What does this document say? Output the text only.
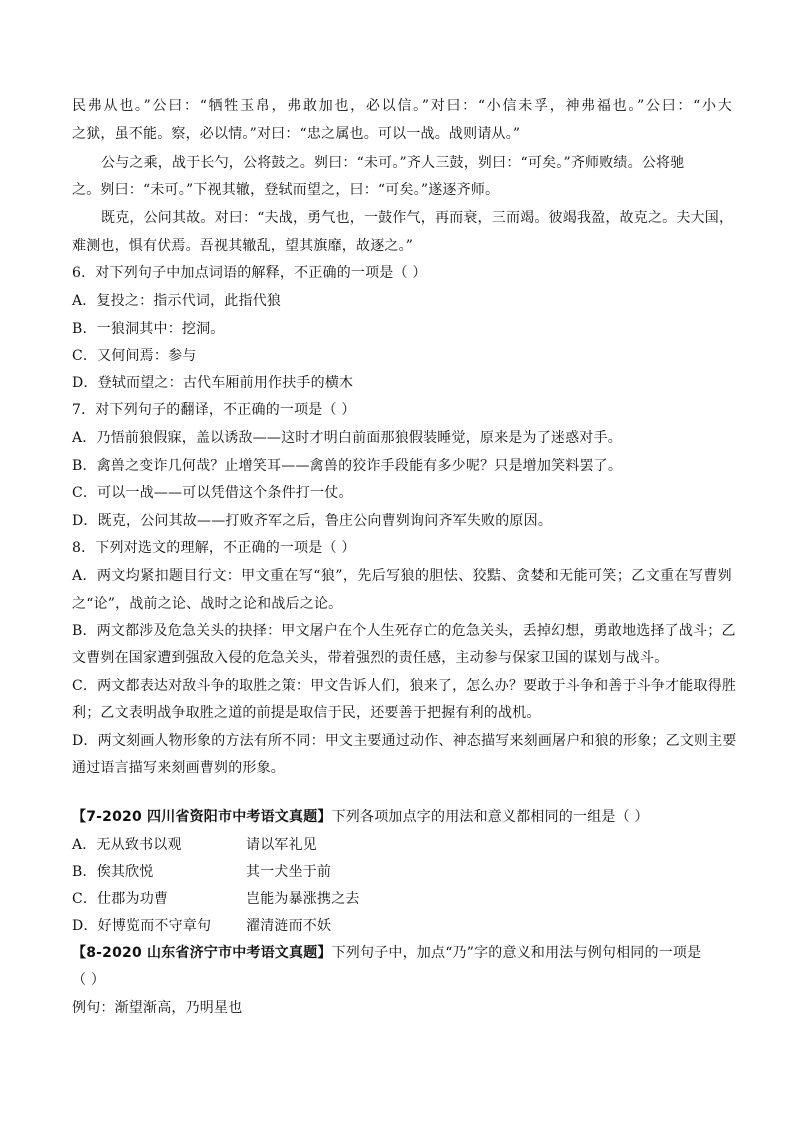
民弗从也。”公曰：“牺牲玉帛，弗敢加也，必以信。”对曰：“小信未孚，神弗福也。”公曰：“小大
之狱，虽不能。察，必以情。”对曰：“忠之属也。可以一战。战则请从。”
公与之乘，战于长勺，公将鼓之。刿曰：“未可。”齐人三鼓，刿曰：“可矣。”齐师败绩。公将驰
之。刿曰：“未可。”下视其辙，登轼而望之，曰：“可矣。”遂逐齐师。
既克，公问其故。对曰：“夫战，勇气也，一鼓作气，再而衰，三而竭。彼竭我盈，故克之。夫大国，
难测也，惧有伏焉。吾视其辙乱，望其旗靡，故逐之。”
6．对下列句子中加点词语的解释，不正确的一项是（ ）
A．复投之：指示代词，此指代狼
B．一狼洞其中：挖洞。
C．又何间焉：参与
D．登轼而望之：古代车厢前用作扶手的横木
7．对下列句子的翻译，不正确的一项是（ ）
A．乃悟前狼假寐，盖以诱敌——这时才明白前面那狼假装睡觉，原来是为了迷惑对手。
B．禽兽之变诈几何哉？止增笑耳——禽兽的狡诈手段能有多少呢？只是增加笑料罢了。
C．可以一战——可以凭借这个条件打一仗。
D．既克，公问其故——打败齐军之后，鲁庄公向曹刿询问齐军失败的原因。
8．下列对选文的理解，不正确的一项是（ ）
A．两文均紧扣题目行文：甲文重在写“狼”，先后写狼的胆怯、狡黠、贪婪和无能可笑；乙文重在写曹刿
之“论”，战前之论、战时之论和战后之论。
B．两文都涉及危急关头的抉择：甲文屠户在个人生死存亡的危急关头，丢掉幻想，勇敢地选择了战斗；乙
文曹刿在国家遭到强敌入侵的危急关头，带着强烈的责任感，主动参与保家卫国的谋划与战斗。
C．两文都表达对敌斗争的取胜之策：甲文告诉人们，狼来了，怎么办？要敢于斗争和善于斗争才能取得胜
利；乙文表明战争取胜之道的前提是取信于民，还要善于把握有利的战机。
D．两文刻画人物形象的方法有所不同：甲文主要通过动作、神态描写来刻画屠户和狼的形象；乙文则主要
通过语言描写来刻画曹刿的形象。
【7-2020 四川省资阳市中考语文真题】下列各项加点字的用法和意义都相同的一组是（ ）
A．无从致书以观	请以军礼见
B．俟其欣悦	其一犬坐于前
C．仕郡为功曹	岂能为暴涨携之去
D．好博览而不守章句 濯清涟而不妖
【8-2020 山东省济宁市中考语文真题】下列句子中，加点“乃”字的意义和用法与例句相同的一项是
（ ）
例句：渐望渐高，乃明星也
